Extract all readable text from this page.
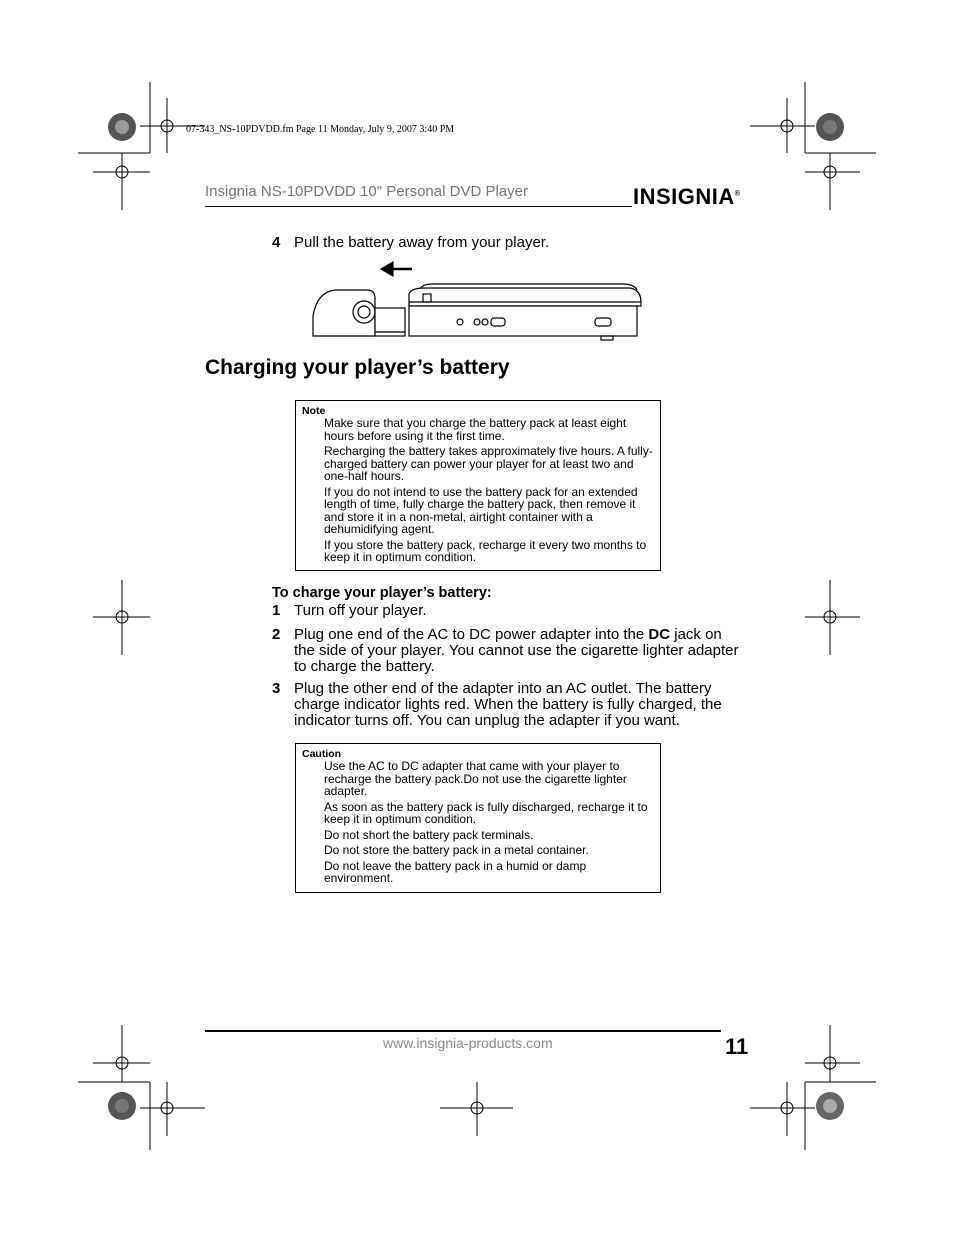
07-343_NS-10PDVDD.fm Page 11 Monday, July 9, 2007 3:40 PM
Insignia NS-10PDVDD 10" Personal DVD Player	INSIGNIA®
4 Pull the battery away from your player.
Charging your player’s battery
Note
Make sure that you charge the battery pack at least eight hours before using it the first time.
Recharging the battery takes approximately five hours. A fully-charged battery can power your player for at least two and one-half hours.
If you do not intend to use the battery pack for an extended length of time, fully charge the battery pack, then remove it and store it in a non-metal, airtight container with a dehumidifying agent.
If you store the battery pack, recharge it every two months to keep it in optimum condition.
To charge your player’s battery:
1 Turn off your player.
2 Plug one end of the AC to DC power adapter into the DC jack on the side of your player. You cannot use the cigarette lighter adapter to charge the battery.
3 Plug the other end of the adapter into an AC outlet. The battery charge indicator lights red. When the battery is fully charged, the indicator turns off. You can unplug the adapter if you want.
Caution
Use the AC to DC adapter that came with your player to recharge the battery pack.Do not use the cigarette lighter adapter.
As soon as the battery pack is fully discharged, recharge it to keep it in optimum condition.
Do not short the battery pack terminals.
Do not store the battery pack in a metal container.
Do not leave the battery pack in a humid or damp environment.
www.insignia-products.com	11
